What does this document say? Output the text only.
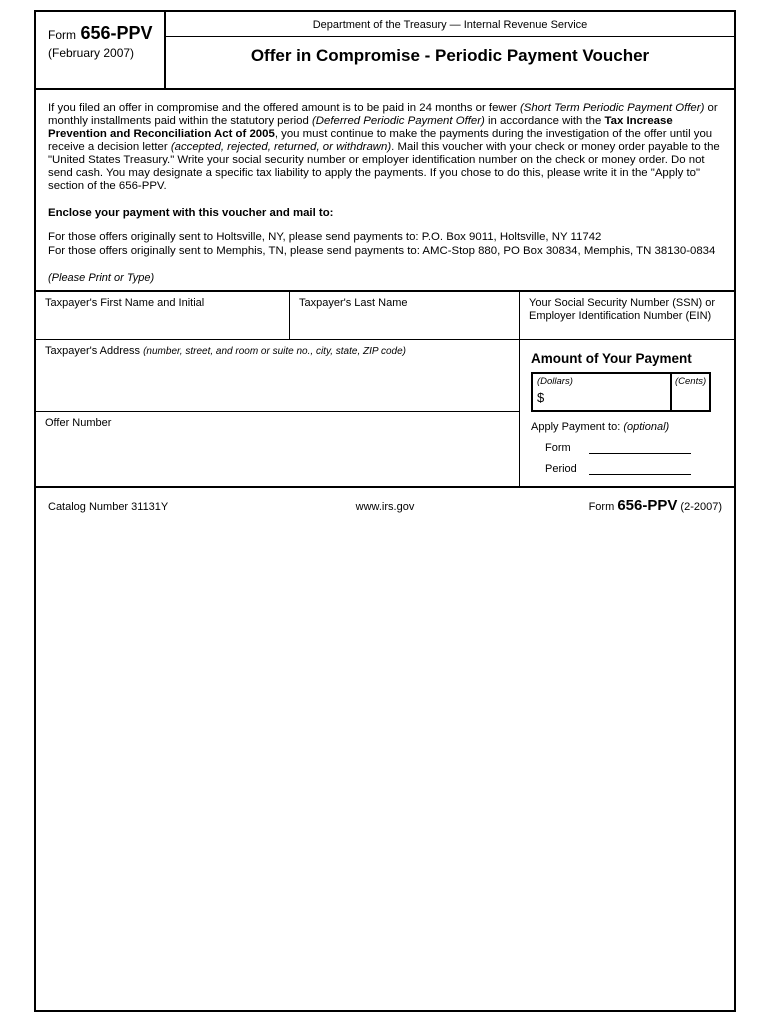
Form 656-PPV
(February 2007)
Department of the Treasury — Internal Revenue Service
Offer in Compromise - Periodic Payment Voucher

If you filed an offer in compromise and the offered amount is to be paid in 24 months or fewer (Short Term Periodic Payment Offer) or monthly installments paid within the statutory period (Deferred Periodic Payment Offer) in accordance with the Tax Increase Prevention and Reconciliation Act of 2005, you must continue to make the payments during the investigation of the offer until you receive a decision letter (accepted, rejected, returned, or withdrawn). Mail this voucher with your check or money order payable to the "United States Treasury." Write your social security number or employer identification number on the check or money order. Do not send cash. You may designate a specific tax liability to apply the payments. If you chose to do this, please write it in the "Apply to" section of the 656-PPV.

Enclose your payment with this voucher and mail to:
For those offers originally sent to Holtsville, NY, please send payments to: P.O. Box 9011, Holtsville, NY 11742
For those offers originally sent to Memphis, TN, please send payments to: AMC-Stop 880, PO Box 30834, Memphis, TN 38130-0834
(Please Print or Type)
Taxpayer's First Name and Initial	Taxpayer's Last Name	Your Social Security Number (SSN) or Employer Identification Number (EIN)
Taxpayer's Address (number, street, and room or suite no., city, state, ZIP code)
Offer Number
Amount of Your Payment
(Dollars)
$
(Cents)
Apply Payment to: (optional)
Form
Period
Catalog Number 31131Y	www.irs.gov	Form 656-PPV (2-2007)
